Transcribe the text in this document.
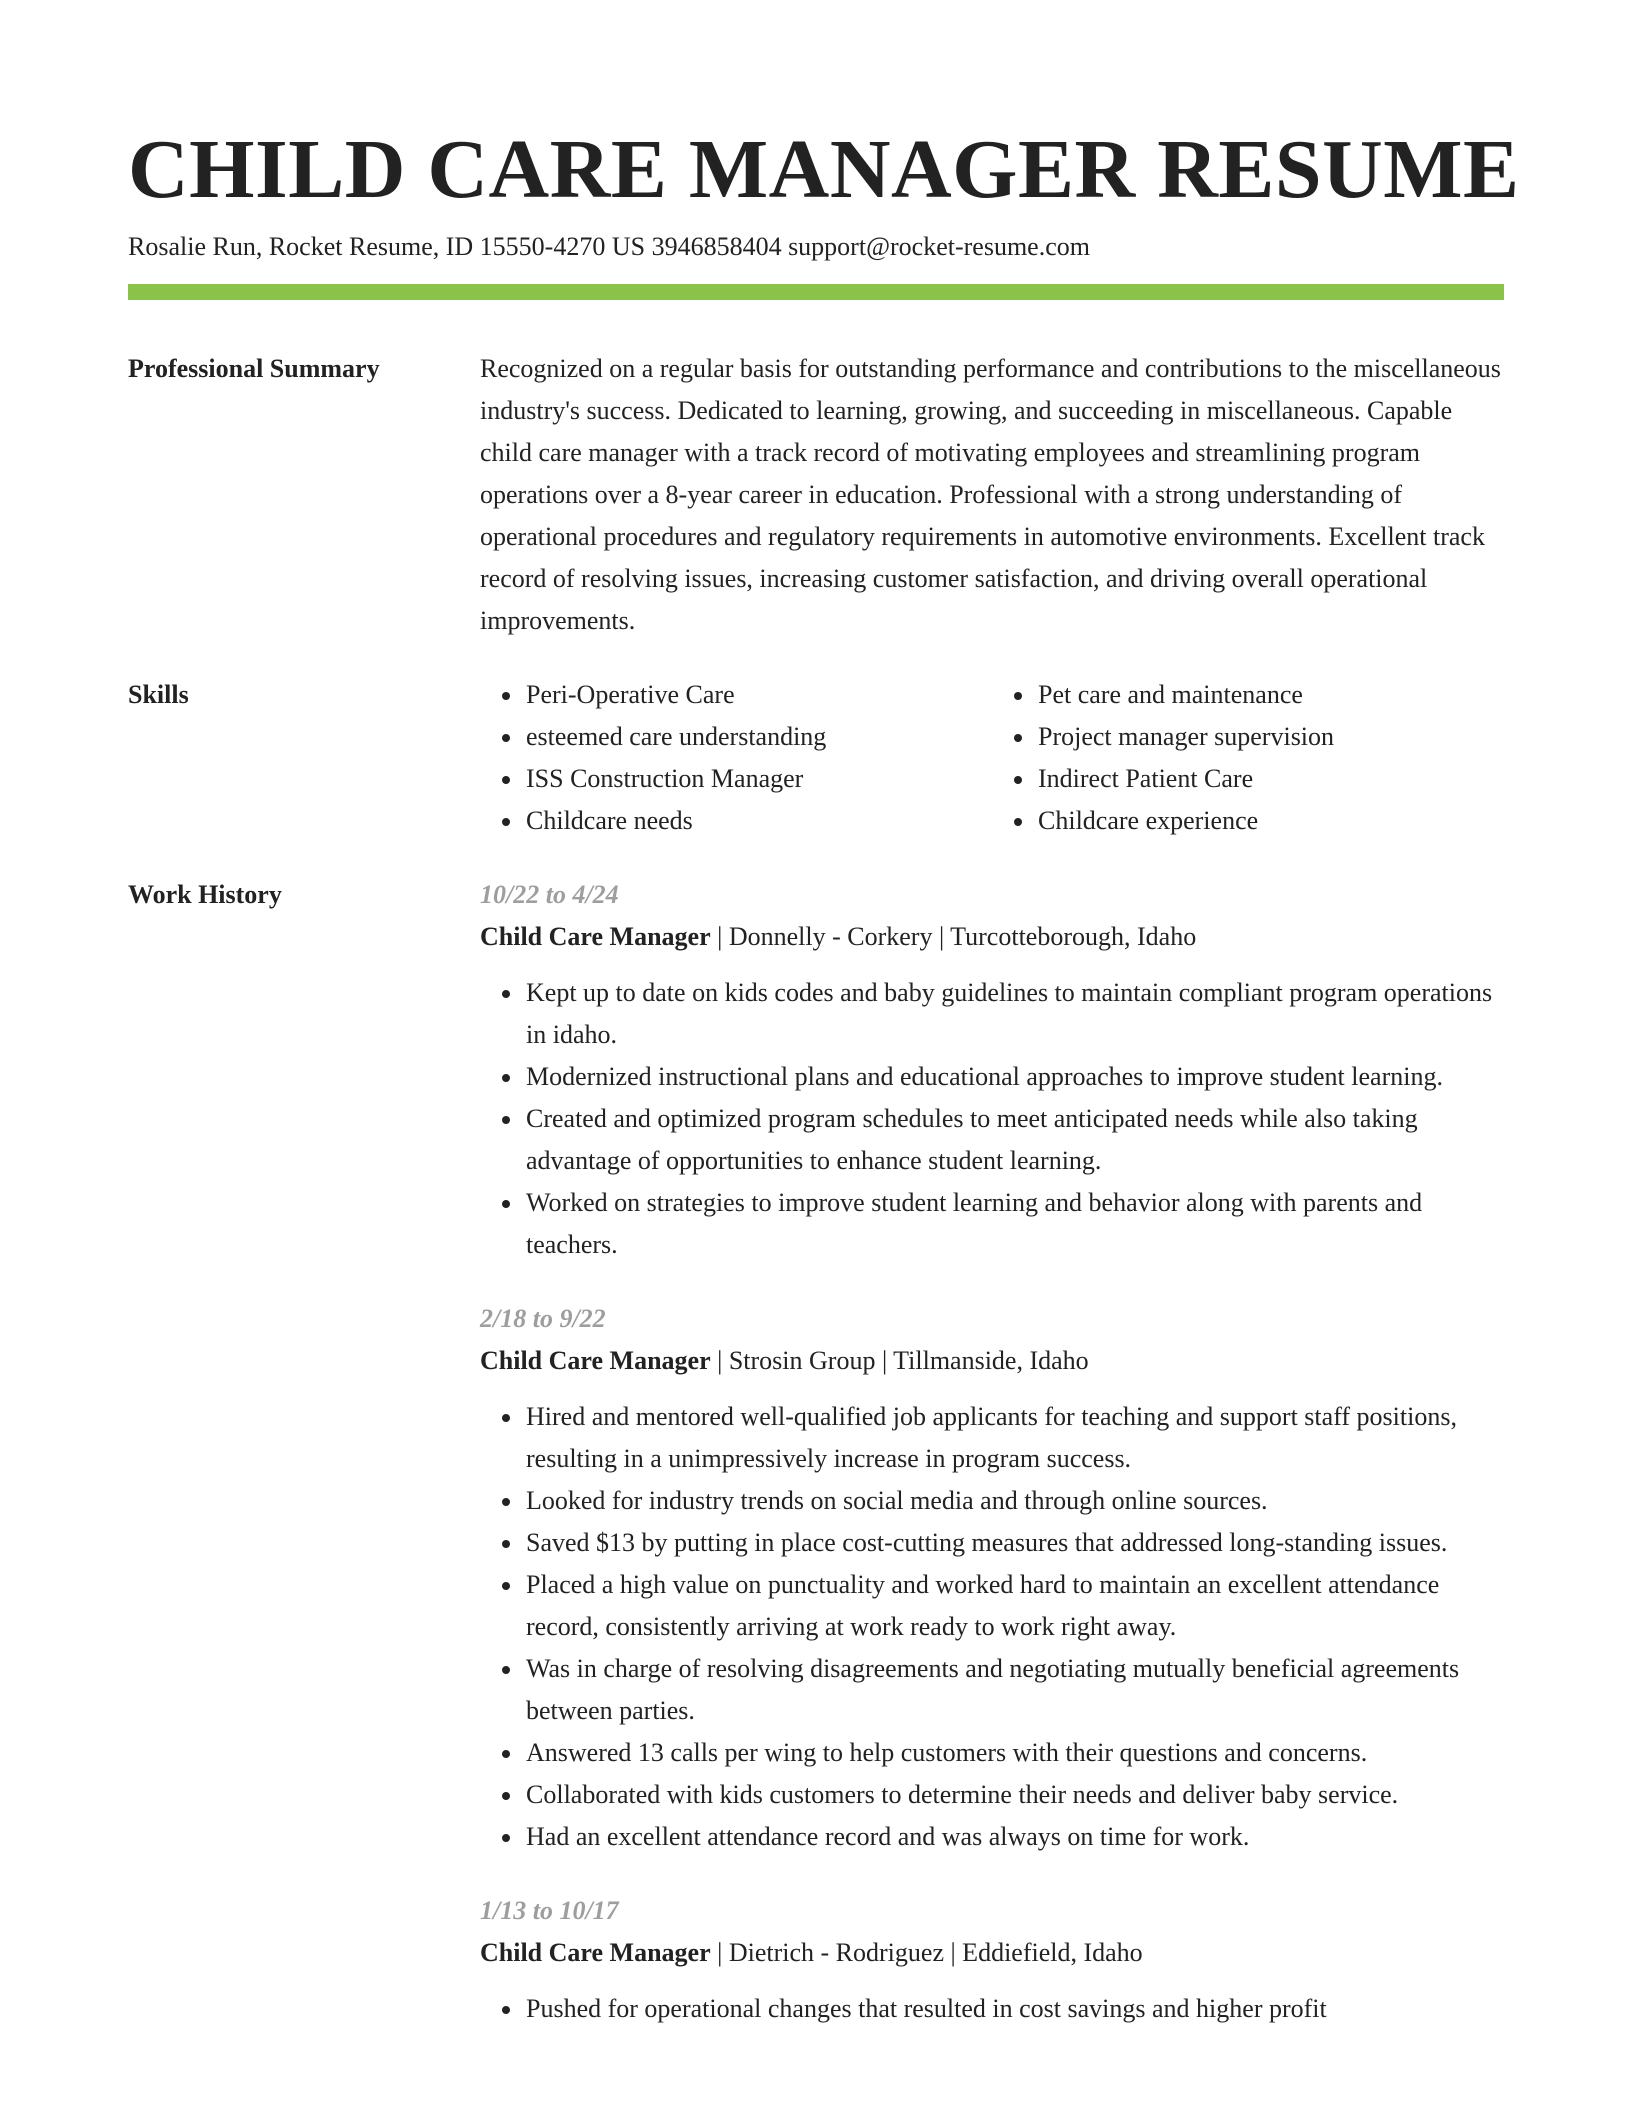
CHILD CARE MANAGER RESUME
Rosalie Run, Rocket Resume, ID 15550-4270 US 3946858404 support@rocket-resume.com
Professional Summary	Recognized on a regular basis for outstanding performance and contributions to the miscellaneous industry's success. Dedicated to learning, growing, and succeeding in miscellaneous. Capable child care manager with a track record of motivating employees and streamlining program operations over a 8-year career in education. Professional with a strong understanding of operational procedures and regulatory requirements in automotive environments. Excellent track record of resolving issues, increasing customer satisfaction, and driving overall operational improvements.

Skills
•	Peri-Operative Care
• esteemed care understanding
• ISS Construction Manager
• Childcare needs
• Pet care and maintenance
• Project manager supervision
• Indirect Patient Care
• Childcare experience
Work History	10/22 to 4/24
Child Care Manager | Donnelly - Corkery | Turcotteborough, Idaho
• Kept up to date on kids codes and baby guidelines to maintain compliant program operations in idaho.
• Modernized instructional plans and educational approaches to improve student learning.
• Created and optimized program schedules to meet anticipated needs while also taking advantage of opportunities to enhance student learning.
• Worked on strategies to improve student learning and behavior along with parents and teachers.
2/18 to 9/22
Child Care Manager | Strosin Group | Tillmanside, Idaho
• Hired and mentored well-qualified job applicants for teaching and support staff positions, resulting in a unimpressively increase in program success.
• Looked for industry trends on social media and through online sources.
• Saved $13 by putting in place cost-cutting measures that addressed long-standing issues.
• Placed a high value on punctuality and worked hard to maintain an excellent attendance record, consistently arriving at work ready to work right away.
• Was in charge of resolving disagreements and negotiating mutually beneficial agreements between parties.
• Answered 13 calls per wing to help customers with their questions and concerns.
• Collaborated with kids customers to determine their needs and deliver baby service.
• Had an excellent attendance record and was always on time for work.
1/13 to 10/17
Child Care Manager | Dietrich - Rodriguez | Eddiefield, Idaho
• Pushed for operational changes that resulted in cost savings and higher profit
